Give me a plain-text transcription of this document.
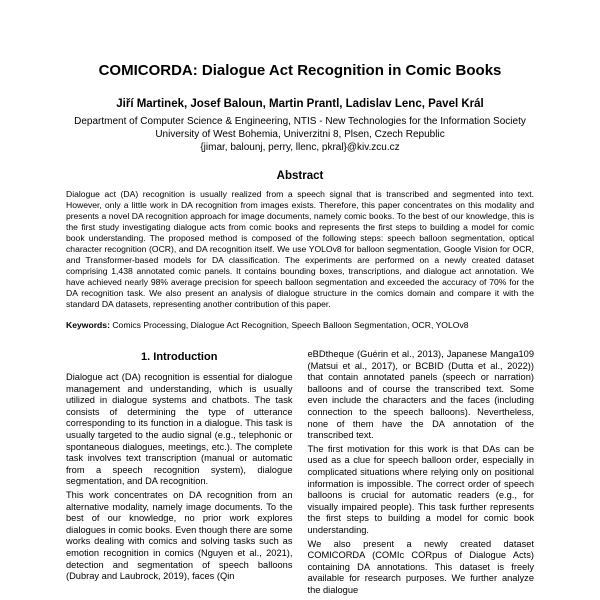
COMICORDA: Dialogue Act Recognition in Comic Books
Jiří Martinek, Josef Baloun, Martin Prantl, Ladislav Lenc, Pavel Král
Department of Computer Science & Engineering, NTIS - New Technologies for the Information Society
University of West Bohemia, Univerzitni 8, Plsen, Czech Republic
{jimar, balounj, perry, llenc, pkral}@kiv.zcu.cz
Abstract

Dialogue act (DA) recognition is usually realized from a speech signal that is transcribed and segmented into text. However, only a little work in DA recognition from images exists. Therefore, this paper concentrates on this modality and presents a novel DA recognition approach for image documents, namely comic books. To the best of our knowledge, this is the first study investigating dialogue acts from comic books and represents the first steps to building a model for comic book understanding. The proposed method is composed of the following steps: speech balloon segmentation, optical character recognition (OCR), and DA recognition itself. We use YOLOv8 for balloon segmentation, Google Vision for OCR, and Transformer-based models for DA classification. The experiments are performed on a newly created dataset comprising 1,438 annotated comic panels. It contains bounding boxes, transcriptions, and dialogue act annotation. We have achieved nearly 98% average precision for speech balloon segmentation and exceeded the accuracy of 70% for the DA recognition task. We also present an analysis of dialogue structure in the comics domain and compare it with the standard DA datasets, representing another contribution of this paper.

Keywords: Comics Processing, Dialogue Act Recognition, Speech Balloon Segmentation, OCR, YOLOv8

1. Introduction

Dialogue act (DA) recognition is essential for dialogue management and understanding, which is usually utilized in dialogue systems and chatbots. The task consists of determining the type of utterance corresponding to its function in a dialogue. This task is usually targeted to the audio signal (e.g., telephonic or spontaneous dialogues, meetings, etc.). The complete task involves text transcription (manual or automatic from a speech recognition system), dialogue segmentation, and DA recognition.

This work concentrates on DA recognition from an alternative modality, namely image documents. To the best of our knowledge, no prior work explores dialogues in comic books. Even though there are some works dealing with comics and solving tasks such as emotion recognition in comics (Nguyen et al., 2021), detection and segmentation of speech balloons (Dubray and Laubrock, 2019), faces (Qin

eBDtheque (Guérin et al., 2013), Japanese Manga109 (Matsui et al., 2017), or BCBID (Dutta et al., 2022)) that contain annotated panels (speech or narration) balloons and of course the transcribed text. Some even include the characters and the faces (including connection to the speech balloons). Nevertheless, none of them have the DA annotation of the transcribed text.

The first motivation for this work is that DAs can be used as a clue for speech balloon order, especially in complicated situations where relying only on positional information is impossible. The correct order of speech balloons is crucial for automatic readers (e.g., for visually impaired people). This task further represents the first steps to building a model for comic book understanding.

We also present a newly created dataset COMICORDA (COMIc CORpus of Dialogue Acts) containing DA annotations. This dataset is freely available for research purposes. We further analyze the dialogue
